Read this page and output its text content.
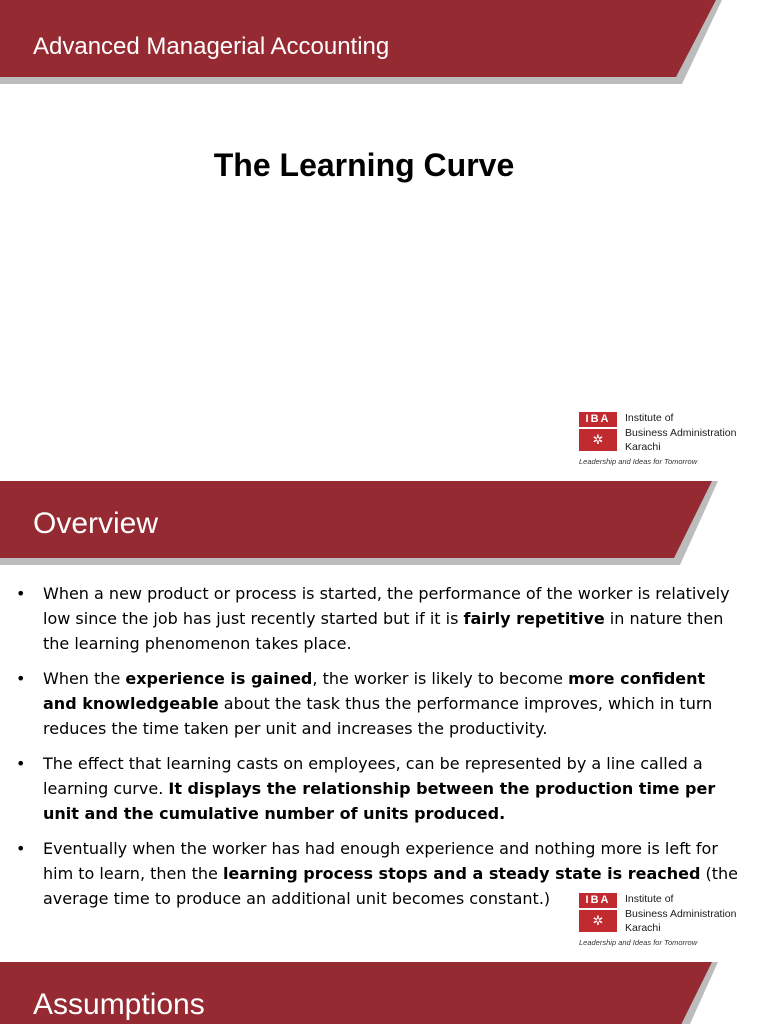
Advanced Managerial Accounting
The Learning Curve
IBA
✲
Institute of
Business Administration
Karachi
Leadership and Ideas for Tomorrow
Overview
• When a new product or process is started, the performance of the worker is relatively low since the job has just recently started but if it is fairly repetitive in nature then the learning phenomenon takes place.
• When the experience is gained, the worker is likely to become more confident and knowledgeable about the task thus the performance improves, which in turn reduces the time taken per unit and increases the productivity.
• The effect that learning casts on employees, can be represented by a line called a learning curve. It displays the relationship between the production time per unit and the cumulative number of units produced.
• Eventually when the worker has had enough experience and nothing more is left for him to learn, then the learning process stops and a steady state is reached (the average time to produce an additional unit becomes constant.)	IBA
✲
Institute of
Business Administration
Karachi
Leadership and Ideas for Tomorrow
Assumptions
